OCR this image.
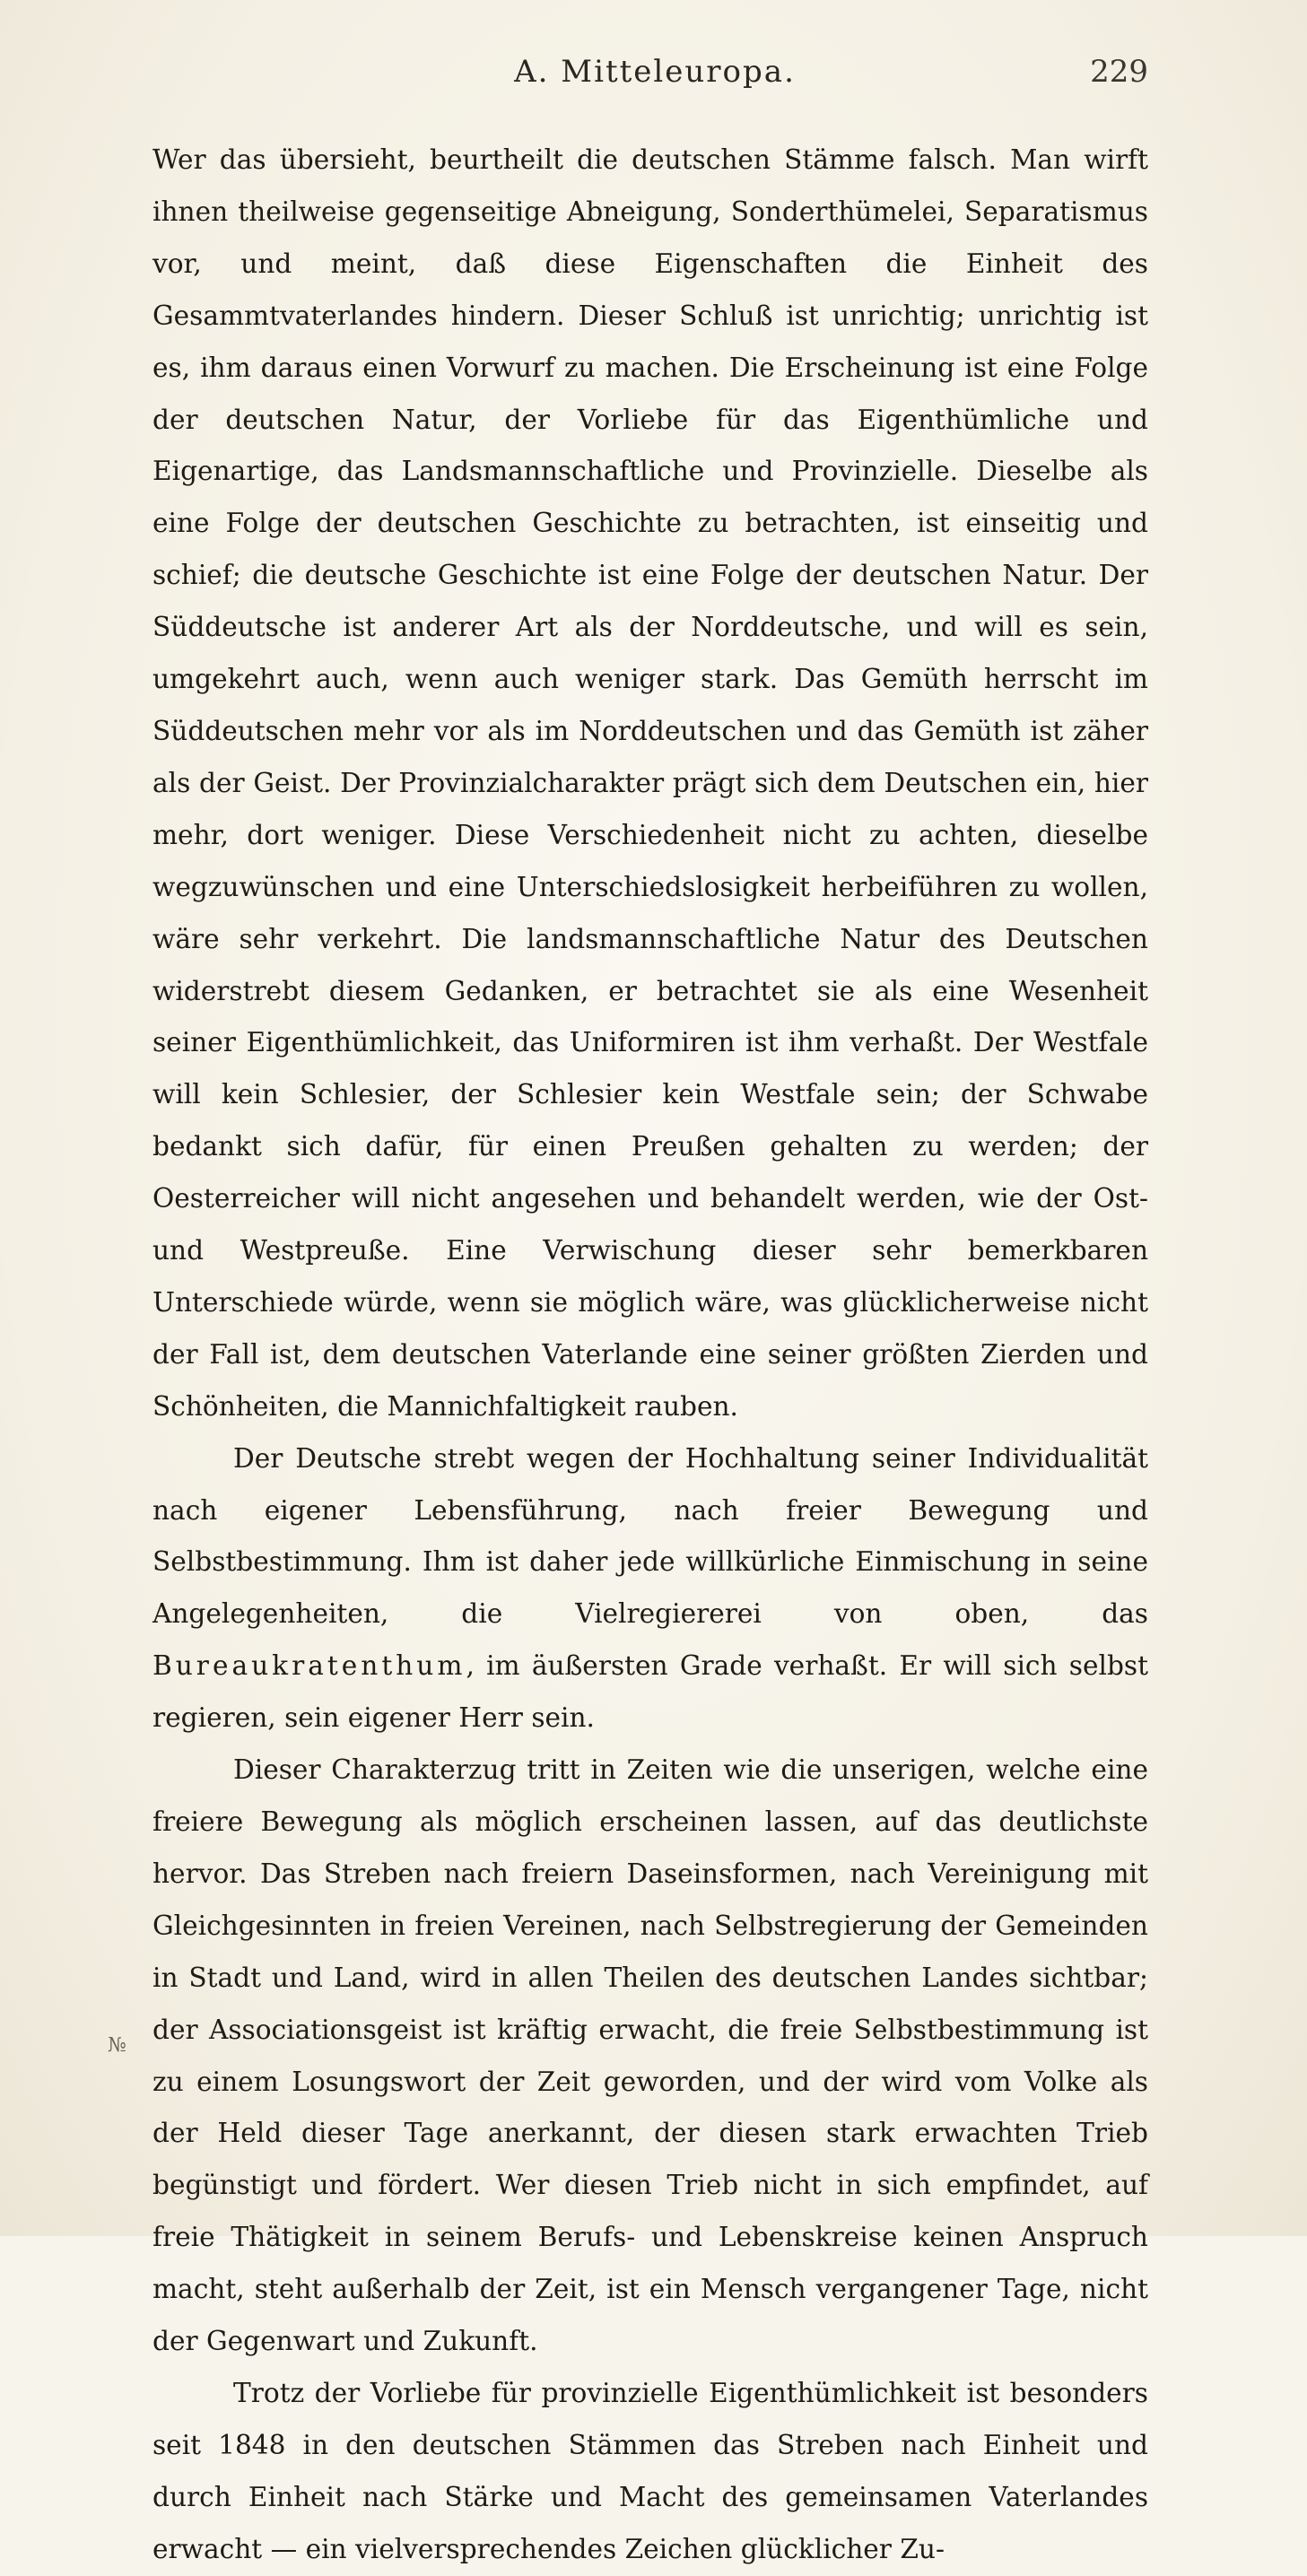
A. Mitteleuropa.	229

Wer das übersieht, beurtheilt die deutschen Stämme falsch. Man wirft ihnen theilweise gegenseitige Abneigung, Sonderthümelei, Separatismus vor, und meint, daß diese Eigenschaften die Einheit des Gesammtvaterlandes hindern. Dieser Schluß ist unrichtig; unrichtig ist es, ihm daraus einen Vorwurf zu machen. Die Erscheinung ist eine Folge der deutschen Natur, der Vorliebe für das Eigenthümliche und Eigenartige, das Landsmannschaftliche und Provinzielle. Dieselbe als eine Folge der deutschen Geschichte zu betrachten, ist einseitig und schief; die deutsche Geschichte ist eine Folge der deutschen Natur. Der Süddeutsche ist anderer Art als der Norddeutsche, und will es sein, umgekehrt auch, wenn auch weniger stark. Das Gemüth herrscht im Süddeutschen mehr vor als im Norddeutschen und das Gemüth ist zäher als der Geist. Der Provinzialcharakter prägt sich dem Deutschen ein, hier mehr, dort weniger. Diese Verschiedenheit nicht zu achten, dieselbe wegzuwünschen und eine Unterschiedslosigkeit herbeiführen zu wollen, wäre sehr verkehrt. Die landsmannschaftliche Natur des Deutschen widerstrebt diesem Gedanken, er betrachtet sie als eine Wesenheit seiner Eigenthümlichkeit, das Uniformiren ist ihm verhaßt. Der Westfale will kein Schlesier, der Schlesier kein Westfale sein; der Schwabe bedankt sich dafür, für einen Preußen gehalten zu werden; der Oesterreicher will nicht angesehen und behandelt werden, wie der Ost- und Westpreuße. Eine Verwischung dieser sehr bemerkbaren Unterschiede würde, wenn sie möglich wäre, was glücklicherweise nicht der Fall ist, dem deutschen Vaterlande eine seiner größten Zierden und Schönheiten, die Mannichfaltigkeit rauben.

Der Deutsche strebt wegen der Hochhaltung seiner Individualität nach eigener Lebensführung, nach freier Bewegung und Selbstbestimmung. Ihm ist daher jede willkürliche Einmischung in seine Angelegenheiten, die Vielregiererei von oben, das Bureaukratenthum, im äußersten Grade verhaßt. Er will sich selbst regieren, sein eigener Herr sein.

Dieser Charakterzug tritt in Zeiten wie die unserigen, welche eine freiere Bewegung als möglich erscheinen lassen, auf das deutlichste hervor. Das Streben nach freiern Daseinsformen, nach Vereinigung mit Gleichgesinnten in freien Vereinen, nach Selbstregierung der Gemeinden in Stadt und Land, wird in allen Theilen des deutschen Landes sichtbar; der Associationsgeist ist kräftig erwacht, die freie Selbstbestimmung ist zu einem Losungswort der Zeit geworden, und der wird vom Volke als der Held dieser Tage anerkannt, der diesen stark erwachten Trieb begünstigt und fördert. Wer diesen Trieb nicht in sich empfindet, auf freie Thätigkeit in seinem Berufs- und Lebenskreise keinen Anspruch macht, steht außerhalb der Zeit, ist ein Mensch vergangener Tage, nicht der Gegenwart und Zukunft.

Trotz der Vorliebe für provinzielle Eigenthümlichkeit ist besonders seit 1848 in den deutschen Stämmen das Streben nach Einheit und durch Einheit nach Stärke und Macht des gemeinsamen Vaterlandes erwacht — ein vielversprechendes Zeichen glücklicher Zu-

№
